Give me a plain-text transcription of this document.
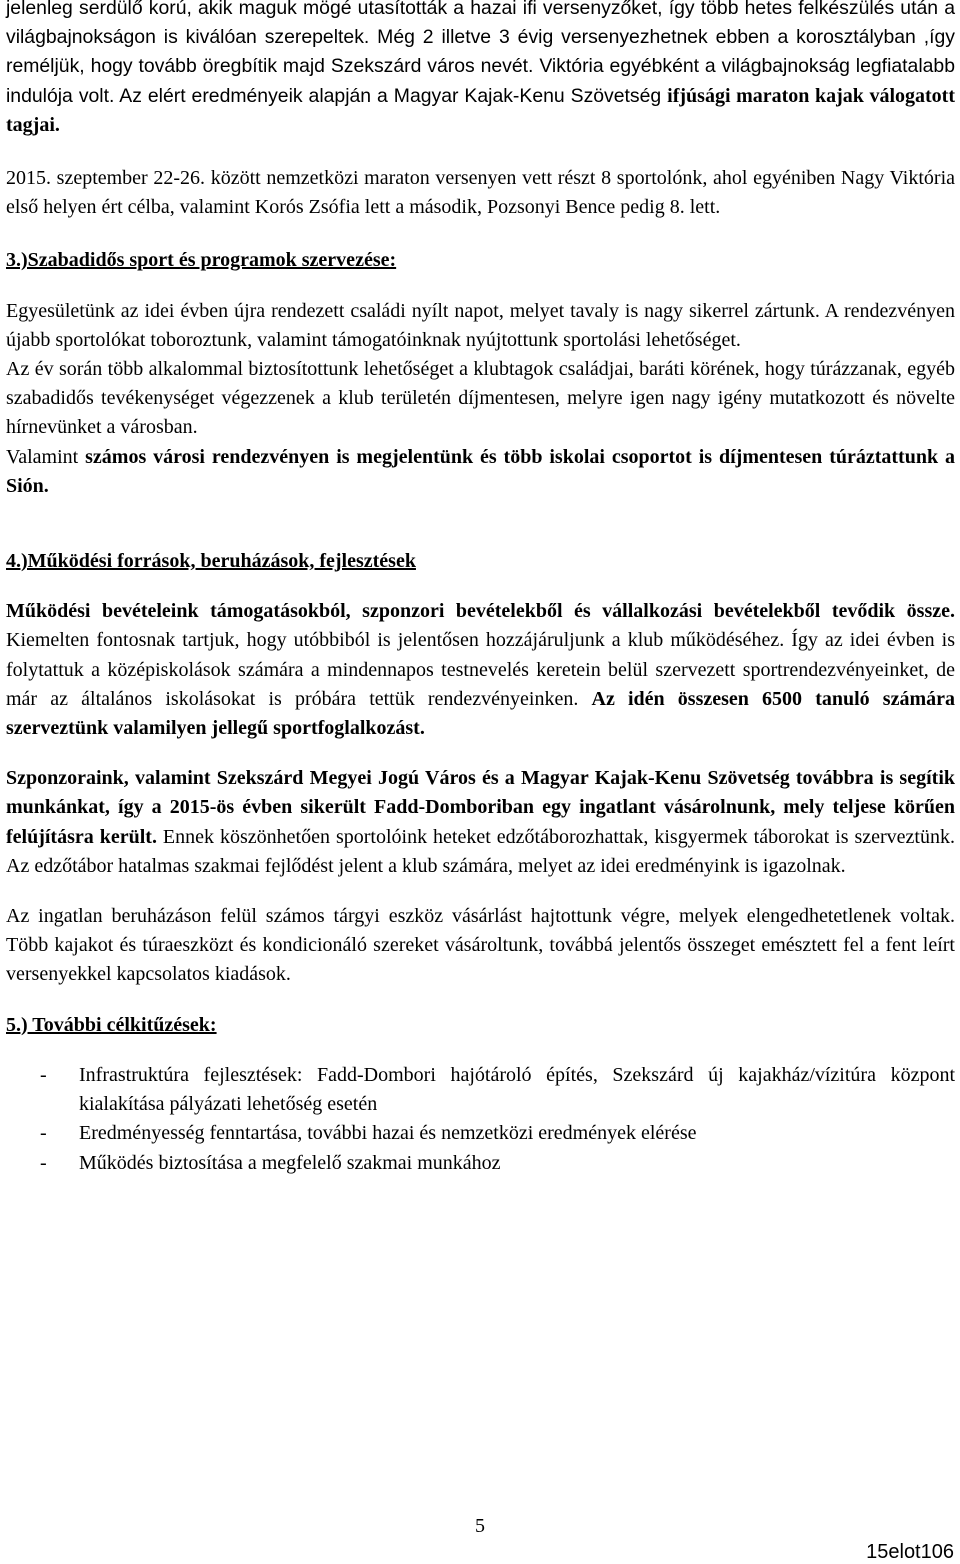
jelenleg serdülő korú, akik maguk mögé utasították a hazai ifi versenyzőket, így több hetes felkészülés után a világbajnokságon is kiválóan szerepeltek. Még 2 illetve 3 évig versenyezhetnek ebben a korosztályban ,így reméljük, hogy tovább öregbítik majd Szekszárd város nevét. Viktória egyébként a világbajnokság legfiatalabb indulója volt. Az elért eredményeik alapján a Magyar Kajak-Kenu Szövetség ifjúsági maraton kajak válogatott tagjai.

2015. szeptember 22-26. között nemzetközi maraton versenyen vett részt 8 sportolónk, ahol egyéniben Nagy Viktória első helyen ért célba, valamint Korós Zsófia lett a második, Pozsonyi Bence pedig 8. lett.

3.)Szabadidős sport és programok szervezése:

Egyesületünk az idei évben újra rendezett családi nyílt napot, melyet tavaly is nagy sikerrel zártunk. A rendezvényen újabb sportolókat toboroztunk, valamint támogatóinknak nyújtottunk sportolási lehetőséget.

Az év során több alkalommal biztosítottunk lehetőséget a klubtagok családjai, baráti körének, hogy túrázzanak, egyéb szabadidős tevékenységet végezzenek a klub területén díjmentesen, melyre igen nagy igény mutatkozott és növelte hírnevünket a városban.

Valamint számos városi rendezvényen is megjelentünk és több iskolai csoportot is díjmentesen túráztattunk a Sión.

4.)Működési források, beruházások, fejlesztések

Működési bevételeink támogatásokból, szponzori bevételekből és vállalkozási bevételekből tevődik össze. Kiemelten fontosnak tartjuk, hogy utóbbiból is jelentősen hozzájáruljunk a klub működéséhez. Így az idei évben is folytattuk a középiskolások számára a mindennapos testnevelés keretein belül szervezett sportrendezvényeinket, de már az általános iskolásokat is próbára tettük rendezvényeinken. Az idén összesen 6500 tanuló számára szerveztünk valamilyen jellegű sportfoglalkozást.

Szponzoraink, valamint Szekszárd Megyei Jogú Város és a Magyar Kajak-Kenu Szövetség továbbra is segítik munkánkat, így a 2015-ös évben sikerült Fadd-Domboriban egy ingatlant vásárolnunk, mely teljese körűen felújításra került. Ennek köszönhetően sportolóink heteket edzőtáborozhattak, kisgyermek táborokat is szerveztünk. Az edzőtábor hatalmas szakmai fejlődést jelent a klub számára, melyet az idei eredményink is igazolnak.

Az ingatlan beruházáson felül számos tárgyi eszköz vásárlást hajtottunk végre, melyek elengedhetetlenek voltak. Több kajakot és túraeszközt és kondicionáló szereket vásároltunk, továbbá jelentős összeget emésztett fel a fent leírt versenyekkel kapcsolatos kiadások.

5.) További célkitűzések:

- Infrastruktúra fejlesztések: Fadd-Dombori hajótároló építés, Szekszárd új kajakház/vízitúra központ kialakítása pályázati lehetőség esetén
- Eredményesség fenntartása, további hazai és nemzetközi eredmények elérése
- Működés biztosítása a megfelelő szakmai munkához
5
15elot106
